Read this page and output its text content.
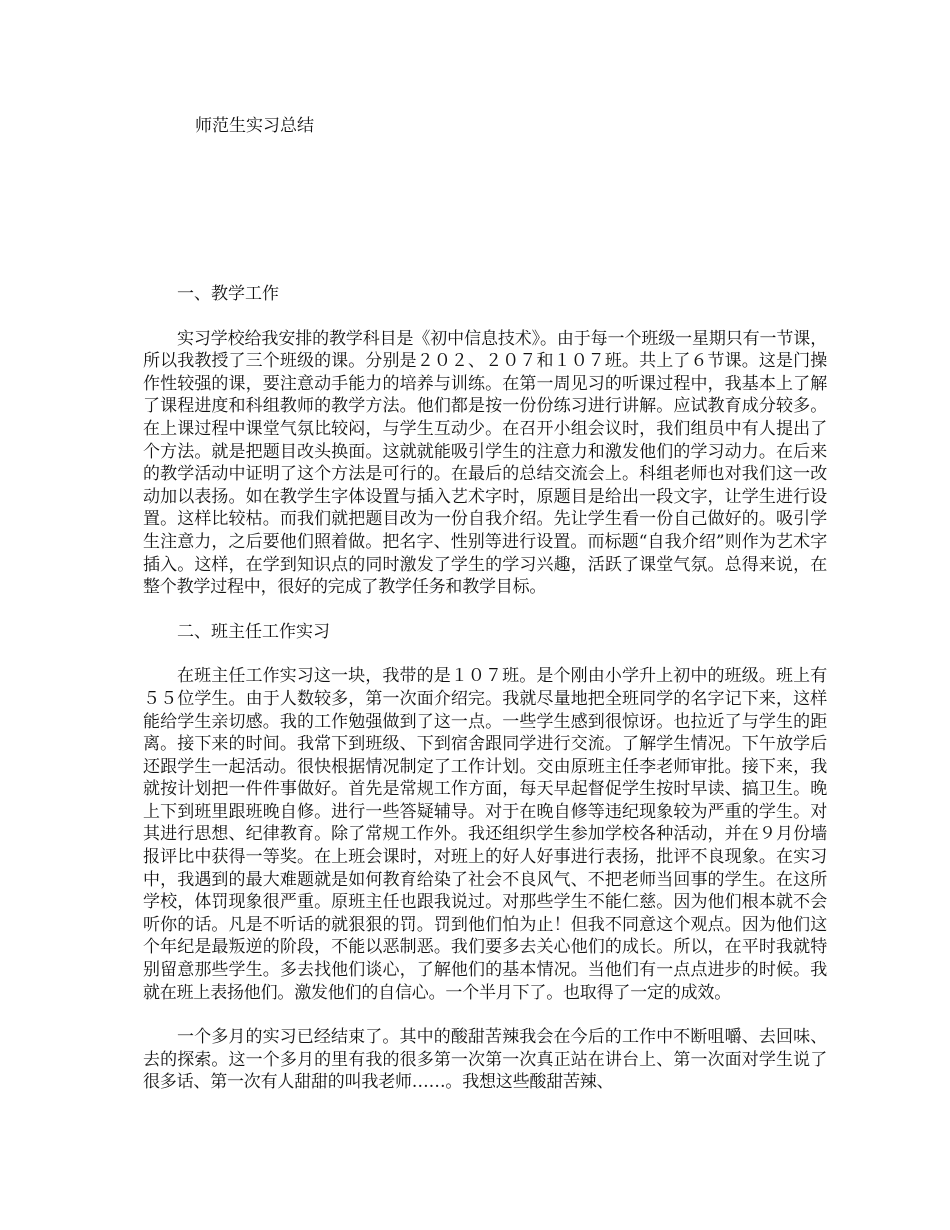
师范生实习总结
一、教学工作

实习学校给我安排的教学科目是《初中信息技术》。由于每一个班级一星期只有一节课，所以我教授了三个班级的课。分别是２０２、２０７和１０７班。共上了６节课。这是门操作性较强的课，要注意动手能力的培养与训练。在第一周见习的听课过程中，我基本上了解了课程进度和科组教师的教学方法。他们都是按一份份练习进行讲解。应试教育成分较多。在上课过程中课堂气氛比较闷，与学生互动少。在召开小组会议时，我们组员中有人提出了个方法。就是把题目改头换面。这就就能吸引学生的注意力和激发他们的学习动力。在后来的教学活动中证明了这个方法是可行的。在最后的总结交流会上。科组老师也对我们这一改动加以表扬。如在教学生字体设置与插入艺术字时，原题目是给出一段文字，让学生进行设置。这样比较枯。而我们就把题目改为一份自我介绍。先让学生看一份自己做好的。吸引学生注意力，之后要他们照着做。把名字、性别等进行设置。而标题“自我介绍”则作为艺术字插入。这样，在学到知识点的同时激发了学生的学习兴趣，活跃了课堂气氛。总得来说，在整个教学过程中，很好的完成了教学任务和教学目标。

二、班主任工作实习

在班主任工作实习这一块，我带的是１０７班。是个刚由小学升上初中的班级。班上有５５位学生。由于人数较多，第一次面介绍完。我就尽量地把全班同学的名字记下来，这样能给学生亲切感。我的工作勉强做到了这一点。一些学生感到很惊讶。也拉近了与学生的距离。接下来的时间。我常下到班级、下到宿舍跟同学进行交流。了解学生情况。下午放学后还跟学生一起活动。很快根据情况制定了工作计划。交由原班主任李老师审批。接下来，我就按计划把一件件事做好。首先是常规工作方面，每天早起督促学生按时早读、搞卫生。晚上下到班里跟班晚自修。进行一些答疑辅导。对于在晚自修等违纪现象较为严重的学生。对其进行思想、纪律教育。除了常规工作外。我还组织学生参加学校各种活动，并在９月份墙报评比中获得一等奖。在上班会课时，对班上的好人好事进行表扬，批评不良现象。在实习中，我遇到的最大难题就是如何教育给染了社会不良风气、不把老师当回事的学生。在这所学校，体罚现象很严重。原班主任也跟我说过。对那些学生不能仁慈。因为他们根本就不会听你的话。凡是不听话的就狠狠的罚。罚到他们怕为止！但我不同意这个观点。因为他们这个年纪是最叛逆的阶段，不能以恶制恶。我们要多去关心他们的成长。所以，在平时我就特别留意那些学生。多去找他们谈心，了解他们的基本情况。当他们有一点点进步的时候。我就在班上表扬他们。激发他们的自信心。一个半月下了。也取得了一定的成效。

一个多月的实习已经结束了。其中的酸甜苦辣我会在今后的工作中不断咀嚼、去回味、去的探索。这一个多月的里有我的很多第一次第一次真正站在讲台上、第一次面对学生说了很多话、第一次有人甜甜的叫我老师……。我想这些酸甜苦辣、
